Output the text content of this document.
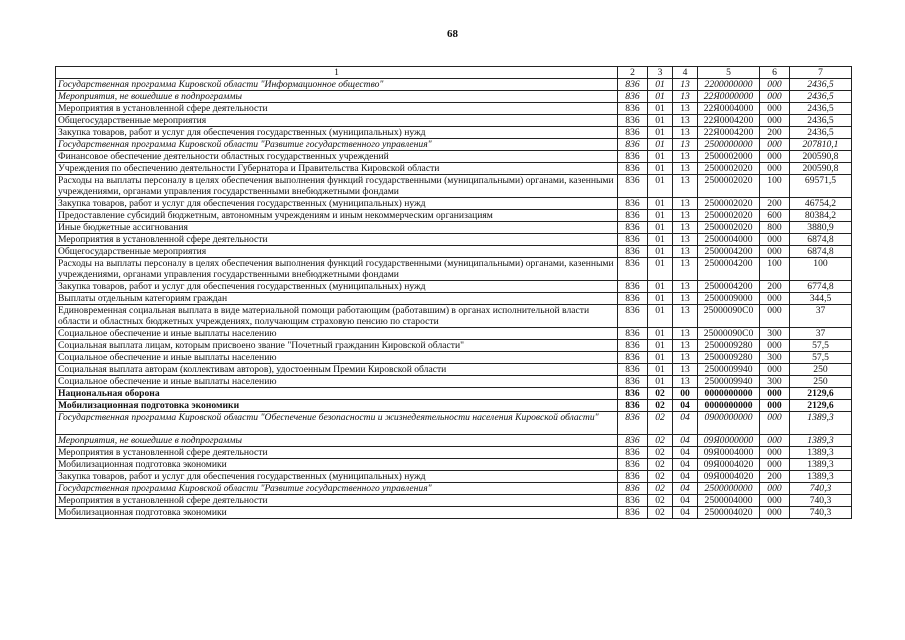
68
1	2	3	4	5	6	7
Государственная программа Кировской области "Информационное общество"	836	01	13	2200000000	000	2436,5
Мероприятия, не вошедшие в подпрограммы	836	01	13	22Я0000000	000	2436,5
Мероприятия в установленной сфере деятельности	836	01	13	22Я0004000	000	2436,5
Общегосударственные мероприятия	836	01	13	22Я0004200	000	2436,5
Закупка товаров, работ и услуг для обеспечения государственных (муниципальных) нужд	836	01	13	22Я0004200	200	2436,5
Государственная программа Кировской области "Развитие государственного управления"	836	01	13	2500000000	000	207810,1
Финансовое обеспечение деятельности областных государственных учреждений	836	01	13	2500002000	000	200590,8
Учреждения по обеспечению деятельности Губернатора и Правительства Кировской области	836	01	13	2500002020	000	200590,8
Расходы на выплаты персоналу в целях обеспечения выполнения функций государственными (муниципальными) органами, казенными учреждениями, органами управления государственными внебюджетными фондами	836	01	13	2500002020	100	69571,5
Закупка товаров, работ и услуг для обеспечения государственных (муниципальных) нужд	836	01	13	2500002020	200	46754,2
Предоставление субсидий бюджетным, автономным учреждениям и иным некоммерческим организациям	836	01	13	2500002020	600	80384,2
Иные бюджетные ассигнования	836	01	13	2500002020	800	3880,9
Мероприятия в установленной сфере деятельности	836	01	13	2500004000	000	6874,8
Общегосударственные мероприятия	836	01	13	2500004200	000	6874,8
Расходы на выплаты персоналу в целях обеспечения выполнения функций государственными (муниципальными) органами, казенными учреждениями, органами управления государственными внебюджетными фондами	836	01	13	2500004200	100	100
Закупка товаров, работ и услуг для обеспечения государственных (муниципальных) нужд	836	01	13	2500004200	200	6774,8
Выплаты отдельным категориям граждан	836	01	13	2500009000	000	344,5
Единовременная социальная выплата в виде материальной помощи работающим (работавшим) в органах исполнительной власти области и областных бюджетных учреждениях, получающим страховую пенсию по старости	836	01	13	25000090С0	000	37
Социальное обеспечение и иные выплаты населению	836	01	13	25000090С0	300	37
Социальная выплата лицам, которым присвоено звание "Почетный гражданин Кировской области"	836	01	13	2500009280	000	57,5
Социальное обеспечение и иные выплаты населению	836	01	13	2500009280	300	57,5
Социальная выплата авторам (коллективам авторов), удостоенным Премии Кировской области	836	01	13	2500009940	000	250
Социальное обеспечение и иные выплаты населению	836	01	13	2500009940	300	250
Национальная оборона	836	02	00	0000000000	000	2129,6
Мобилизационная подготовка экономики	836	02	04	0000000000	000	2129,6
Государственная программа Кировской области "Обеспечение безопасности и жизнедеятельности населения Кировской области"	836	02	04	0900000000	000	1389,3
Мероприятия, не вошедшие в подпрограммы	836	02	04	09Я0000000	000	1389,3
Мероприятия в установленной сфере деятельности	836	02	04	09Я0004000	000	1389,3
Мобилизационная подготовка экономики	836	02	04	09Я0004020	000	1389,3
Закупка товаров, работ и услуг для обеспечения государственных (муниципальных) нужд	836	02	04	09Я0004020	200	1389,3
Государственная программа Кировской области "Развитие государственного управления"	836	02	04	2500000000	000	740,3
Мероприятия в установленной сфере деятельности	836	02	04	2500004000	000	740,3
Мобилизационная подготовка экономики	836	02	04	2500004020	000	740,3
